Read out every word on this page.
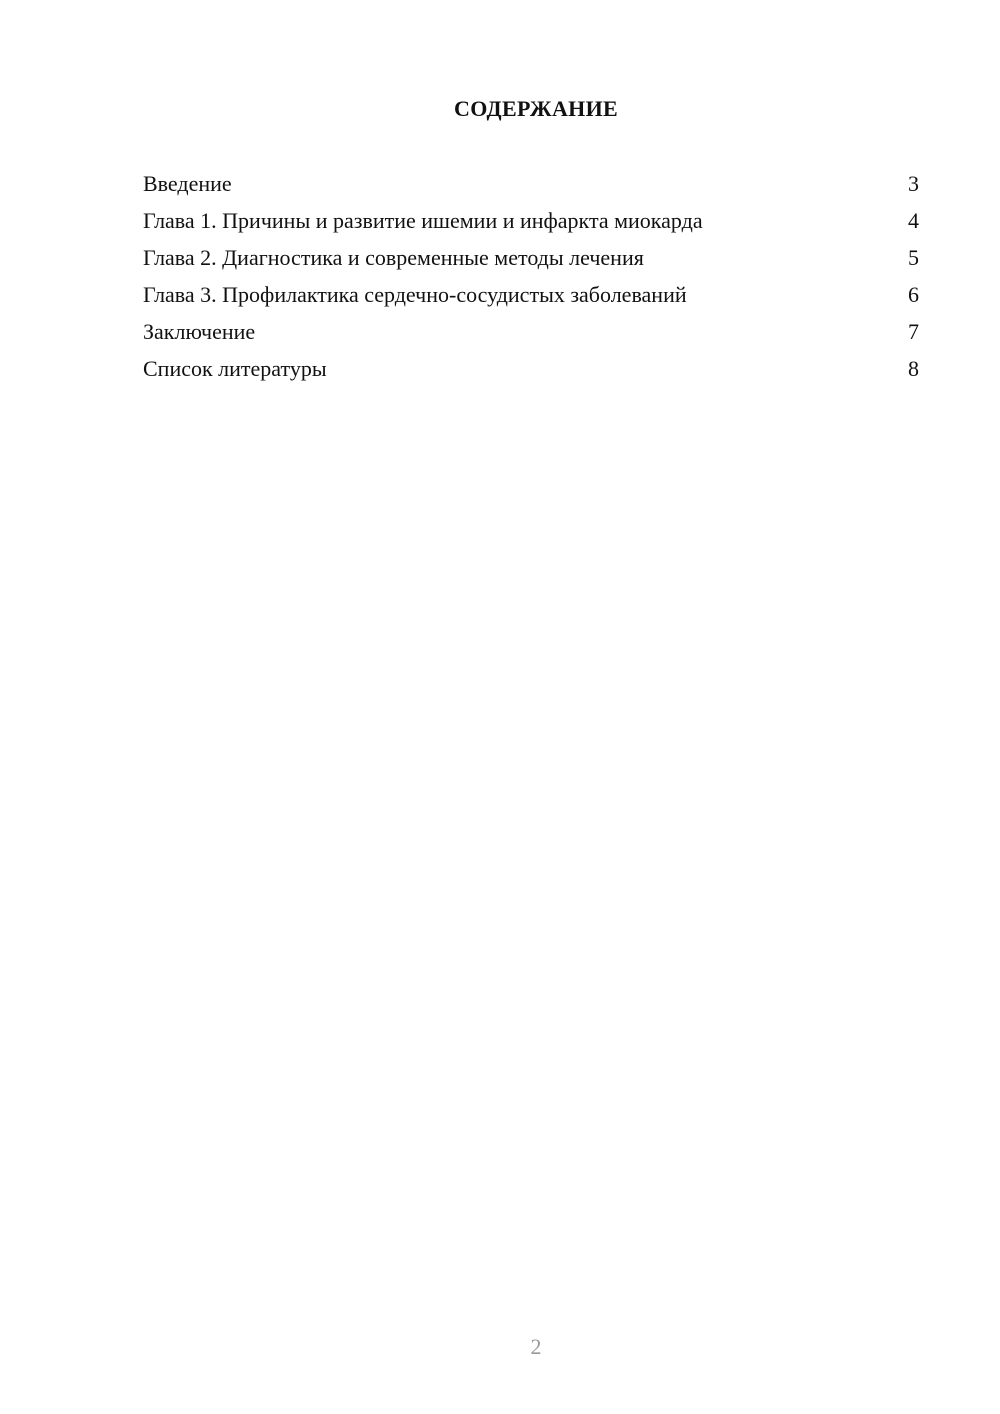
СОДЕРЖАНИЕ
Введение	3
Глава 1. Причины и развитие ишемии и инфаркта миокарда	4
Глава 2. Диагностика и современные методы лечения	5
Глава 3. Профилактика сердечно-сосудистых заболеваний	6
Заключение	7
Список литературы	8
2
